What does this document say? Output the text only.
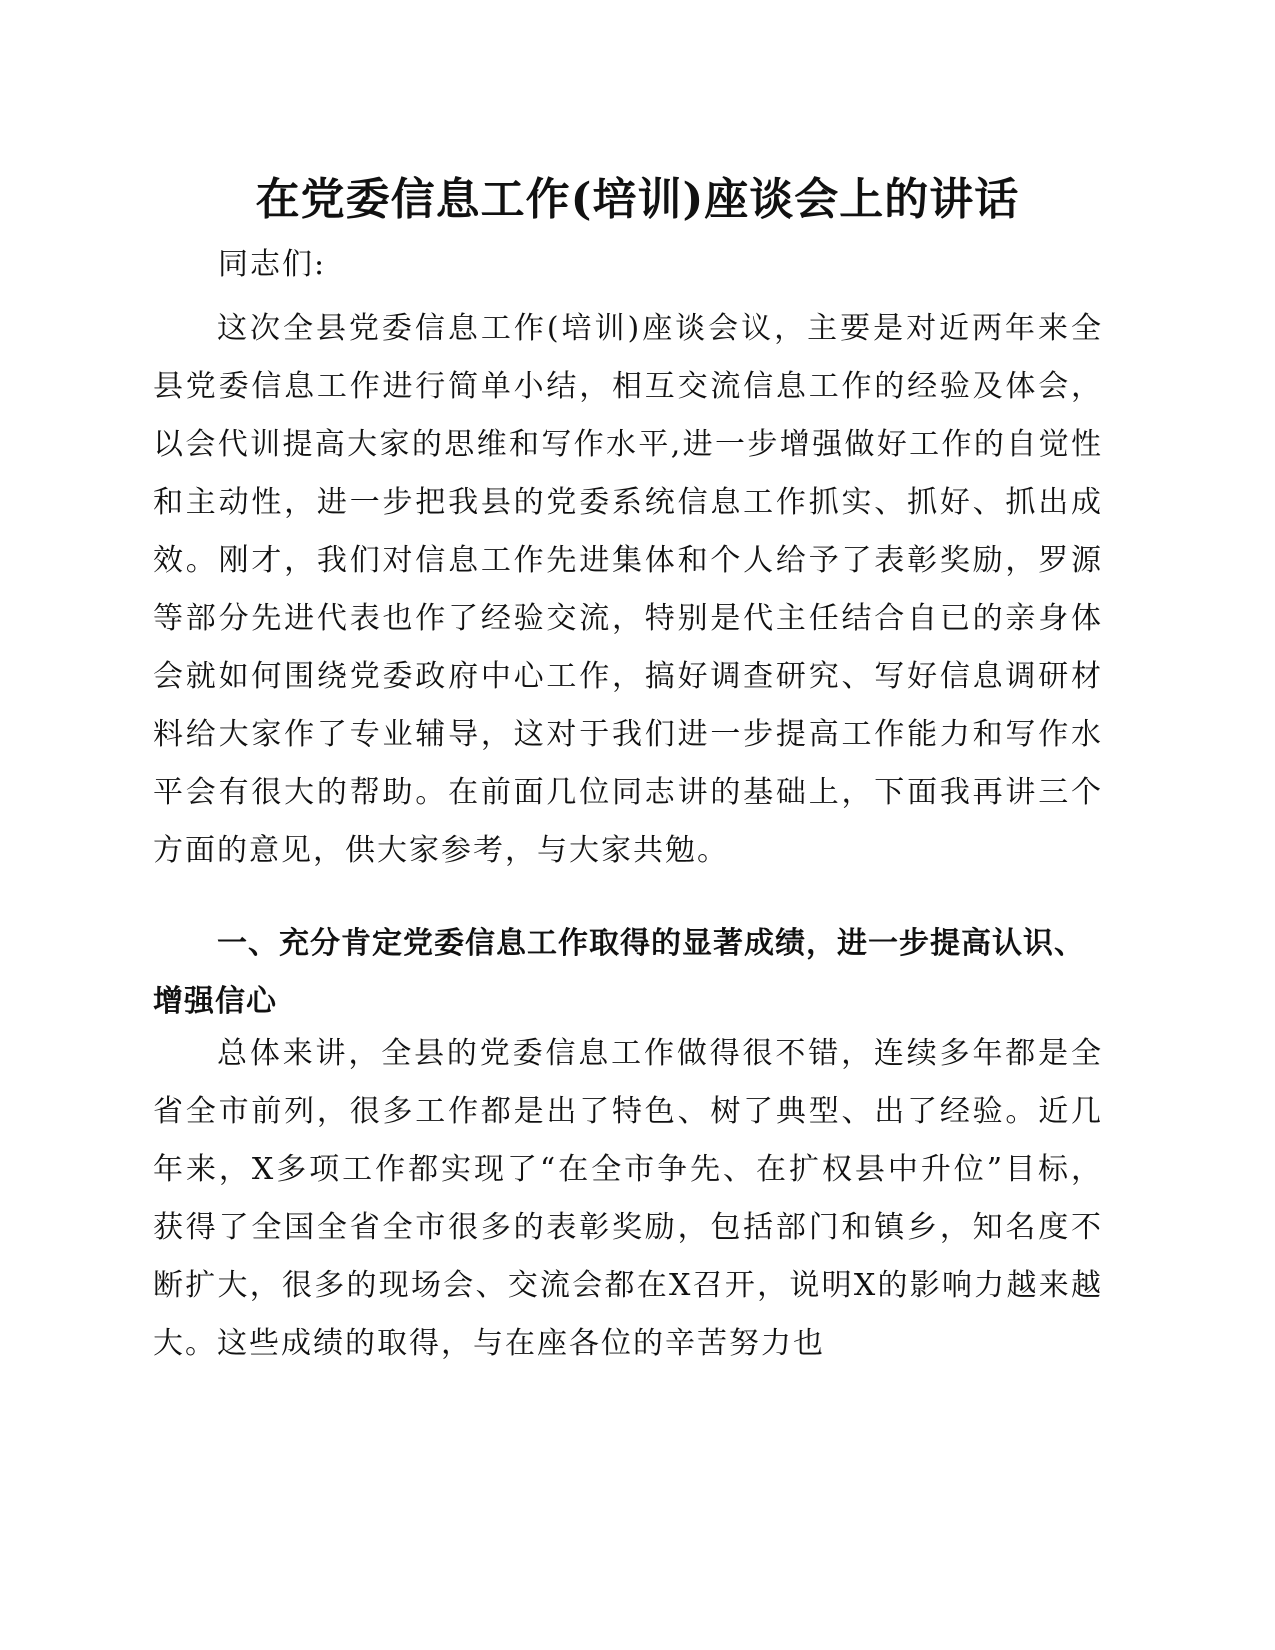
在党委信息工作(培训)座谈会上的讲话
同志们:

这次全县党委信息工作(培训)座谈会议，主要是对近两年来全县党委信息工作进行简单小结，相互交流信息工作的经验及体会，以会代训提高大家的思维和写作水平,进一步增强做好工作的自觉性和主动性，进一步把我县的党委系统信息工作抓实、抓好、抓出成效。刚才，我们对信息工作先进集体和个人给予了表彰奖励，罗源等部分先进代表也作了经验交流，特别是代主任结合自已的亲身体会就如何围绕党委政府中心工作，搞好调查研究、写好信息调研材料给大家作了专业辅导，这对于我们进一步提高工作能力和写作水平会有很大的帮助。在前面几位同志讲的基础上，下面我再讲三个方面的意见，供大家参考，与大家共勉。

一、充分肯定党委信息工作取得的显著成绩，进一步提高认识、增强信心

总体来讲，全县的党委信息工作做得很不错，连续多年都是全省全市前列，很多工作都是出了特色、树了典型、出了经验。近几年来，X多项工作都实现了“在全市争先、在扩权县中升位”目标，获得了全国全省全市很多的表彰奖励，包括部门和镇乡，知名度不断扩大，很多的现场会、交流会都在X召开，说明X的影响力越来越大。这些成绩的取得，与在座各位的辛苦努力也
